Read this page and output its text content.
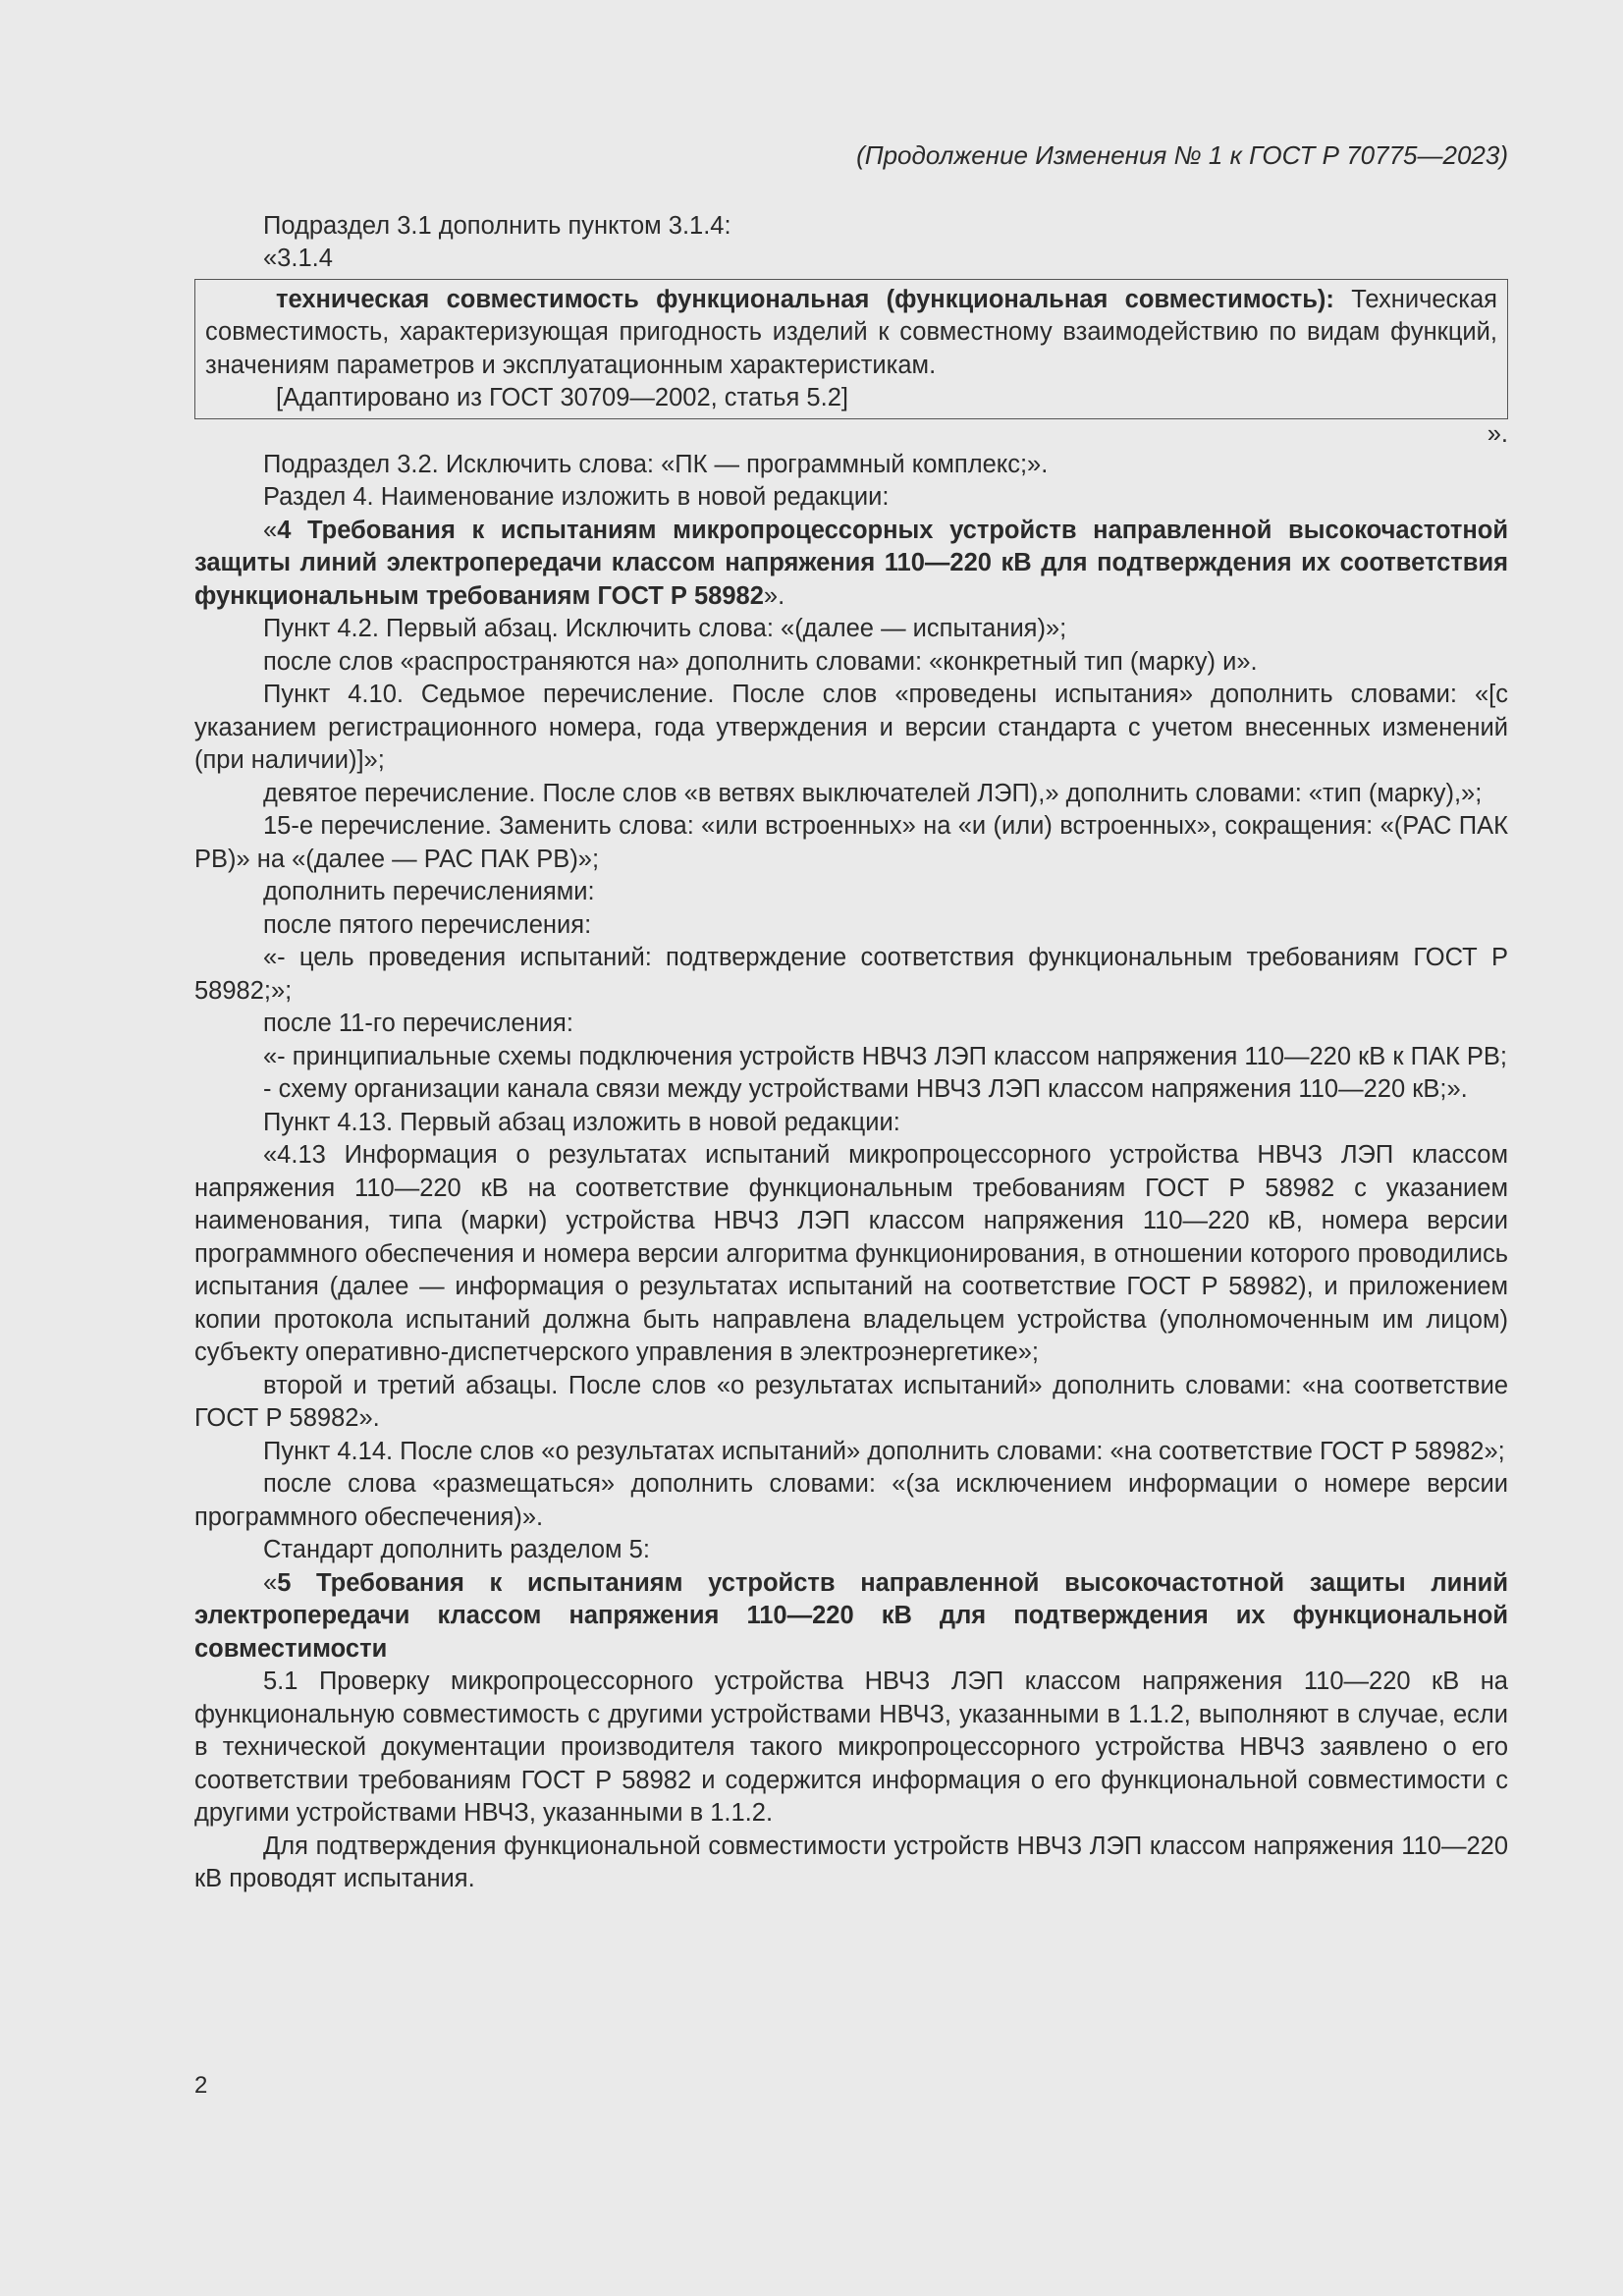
(Продолжение Изменения № 1 к ГОСТ Р 70775—2023)

Подраздел 3.1 дополнить пунктом 3.1.4:

«3.1.4

техническая совместимость функциональная (функциональная совместимость): Техническая совместимость, характеризующая пригодность изделий к совместному взаимодействию по видам функций, значениям параметров и эксплуатационным характеристикам.

[Адаптировано из ГОСТ 30709—2002, статья 5.2]

».

Подраздел 3.2. Исключить слова: «ПК — программный комплекс;».

Раздел 4. Наименование изложить в новой редакции:

«4 Требования к испытаниям микропроцессорных устройств направленной высокочастотной защиты линий электропередачи классом напряжения 110—220 кВ для подтверждения их соответствия функциональным требованиям ГОСТ Р 58982».

Пункт 4.2. Первый абзац. Исключить слова: «(далее — испытания)»;

после слов «распространяются на» дополнить словами: «конкретный тип (марку) и».

Пункт 4.10. Седьмое перечисление. После слов «проведены испытания» дополнить словами: «[с указанием регистрационного номера, года утверждения и версии стандарта с учетом внесенных изменений (при наличии)]»;

девятое перечисление. После слов «в ветвях выключателей ЛЭП),» дополнить словами: «тип (марку),»;

15-е перечисление. Заменить слова: «или встроенных» на «и (или) встроенных», сокращения: «(РАС ПАК РВ)» на «(далее — РАС ПАК РВ)»;

дополнить перечислениями:

после пятого перечисления:

«- цель проведения испытаний: подтверждение соответствия функциональным требованиям ГОСТ Р 58982;»;

после 11-го перечисления:

«- принципиальные схемы подключения устройств НВЧЗ ЛЭП классом напряжения 110—220 кВ к ПАК РВ;

- схему организации канала связи между устройствами НВЧЗ ЛЭП классом напряжения 110—220 кВ;».

Пункт 4.13. Первый абзац изложить в новой редакции:

«4.13 Информация о результатах испытаний микропроцессорного устройства НВЧЗ ЛЭП классом напряжения 110—220 кВ на соответствие функциональным требованиям ГОСТ Р 58982 с указанием наименования, типа (марки) устройства НВЧЗ ЛЭП классом напряжения 110—220 кВ, номера версии программного обеспечения и номера версии алгоритма функционирования, в отношении которого проводились испытания (далее — информация о результатах испытаний на соответствие ГОСТ Р 58982), и приложением копии протокола испытаний должна быть направлена владельцем устройства (уполномоченным им лицом) субъекту оперативно-диспетчерского управления в электроэнергетике»;

второй и третий абзацы. После слов «о результатах испытаний» дополнить словами: «на соответствие ГОСТ Р 58982».

Пункт 4.14. После слов «о результатах испытаний» дополнить словами: «на соответствие ГОСТ Р 58982»;

после слова «размещаться» дополнить словами: «(за исключением информации о номере версии программного обеспечения)».

Стандарт дополнить разделом 5:

«5 Требования к испытаниям устройств направленной высокочастотной защиты линий электропередачи классом напряжения 110—220 кВ для подтверждения их функциональной совместимости

5.1 Проверку микропроцессорного устройства НВЧЗ ЛЭП классом напряжения 110—220 кВ на функциональную совместимость с другими устройствами НВЧЗ, указанными в 1.1.2, выполняют в случае, если в технической документации производителя такого микропроцессорного устройства НВЧЗ заявлено о его соответствии требованиям ГОСТ Р 58982 и содержится информация о его функциональной совместимости с другими устройствами НВЧЗ, указанными в 1.1.2.

Для подтверждения функциональной совместимости устройств НВЧЗ ЛЭП классом напряжения 110—220 кВ проводят испытания.

2
